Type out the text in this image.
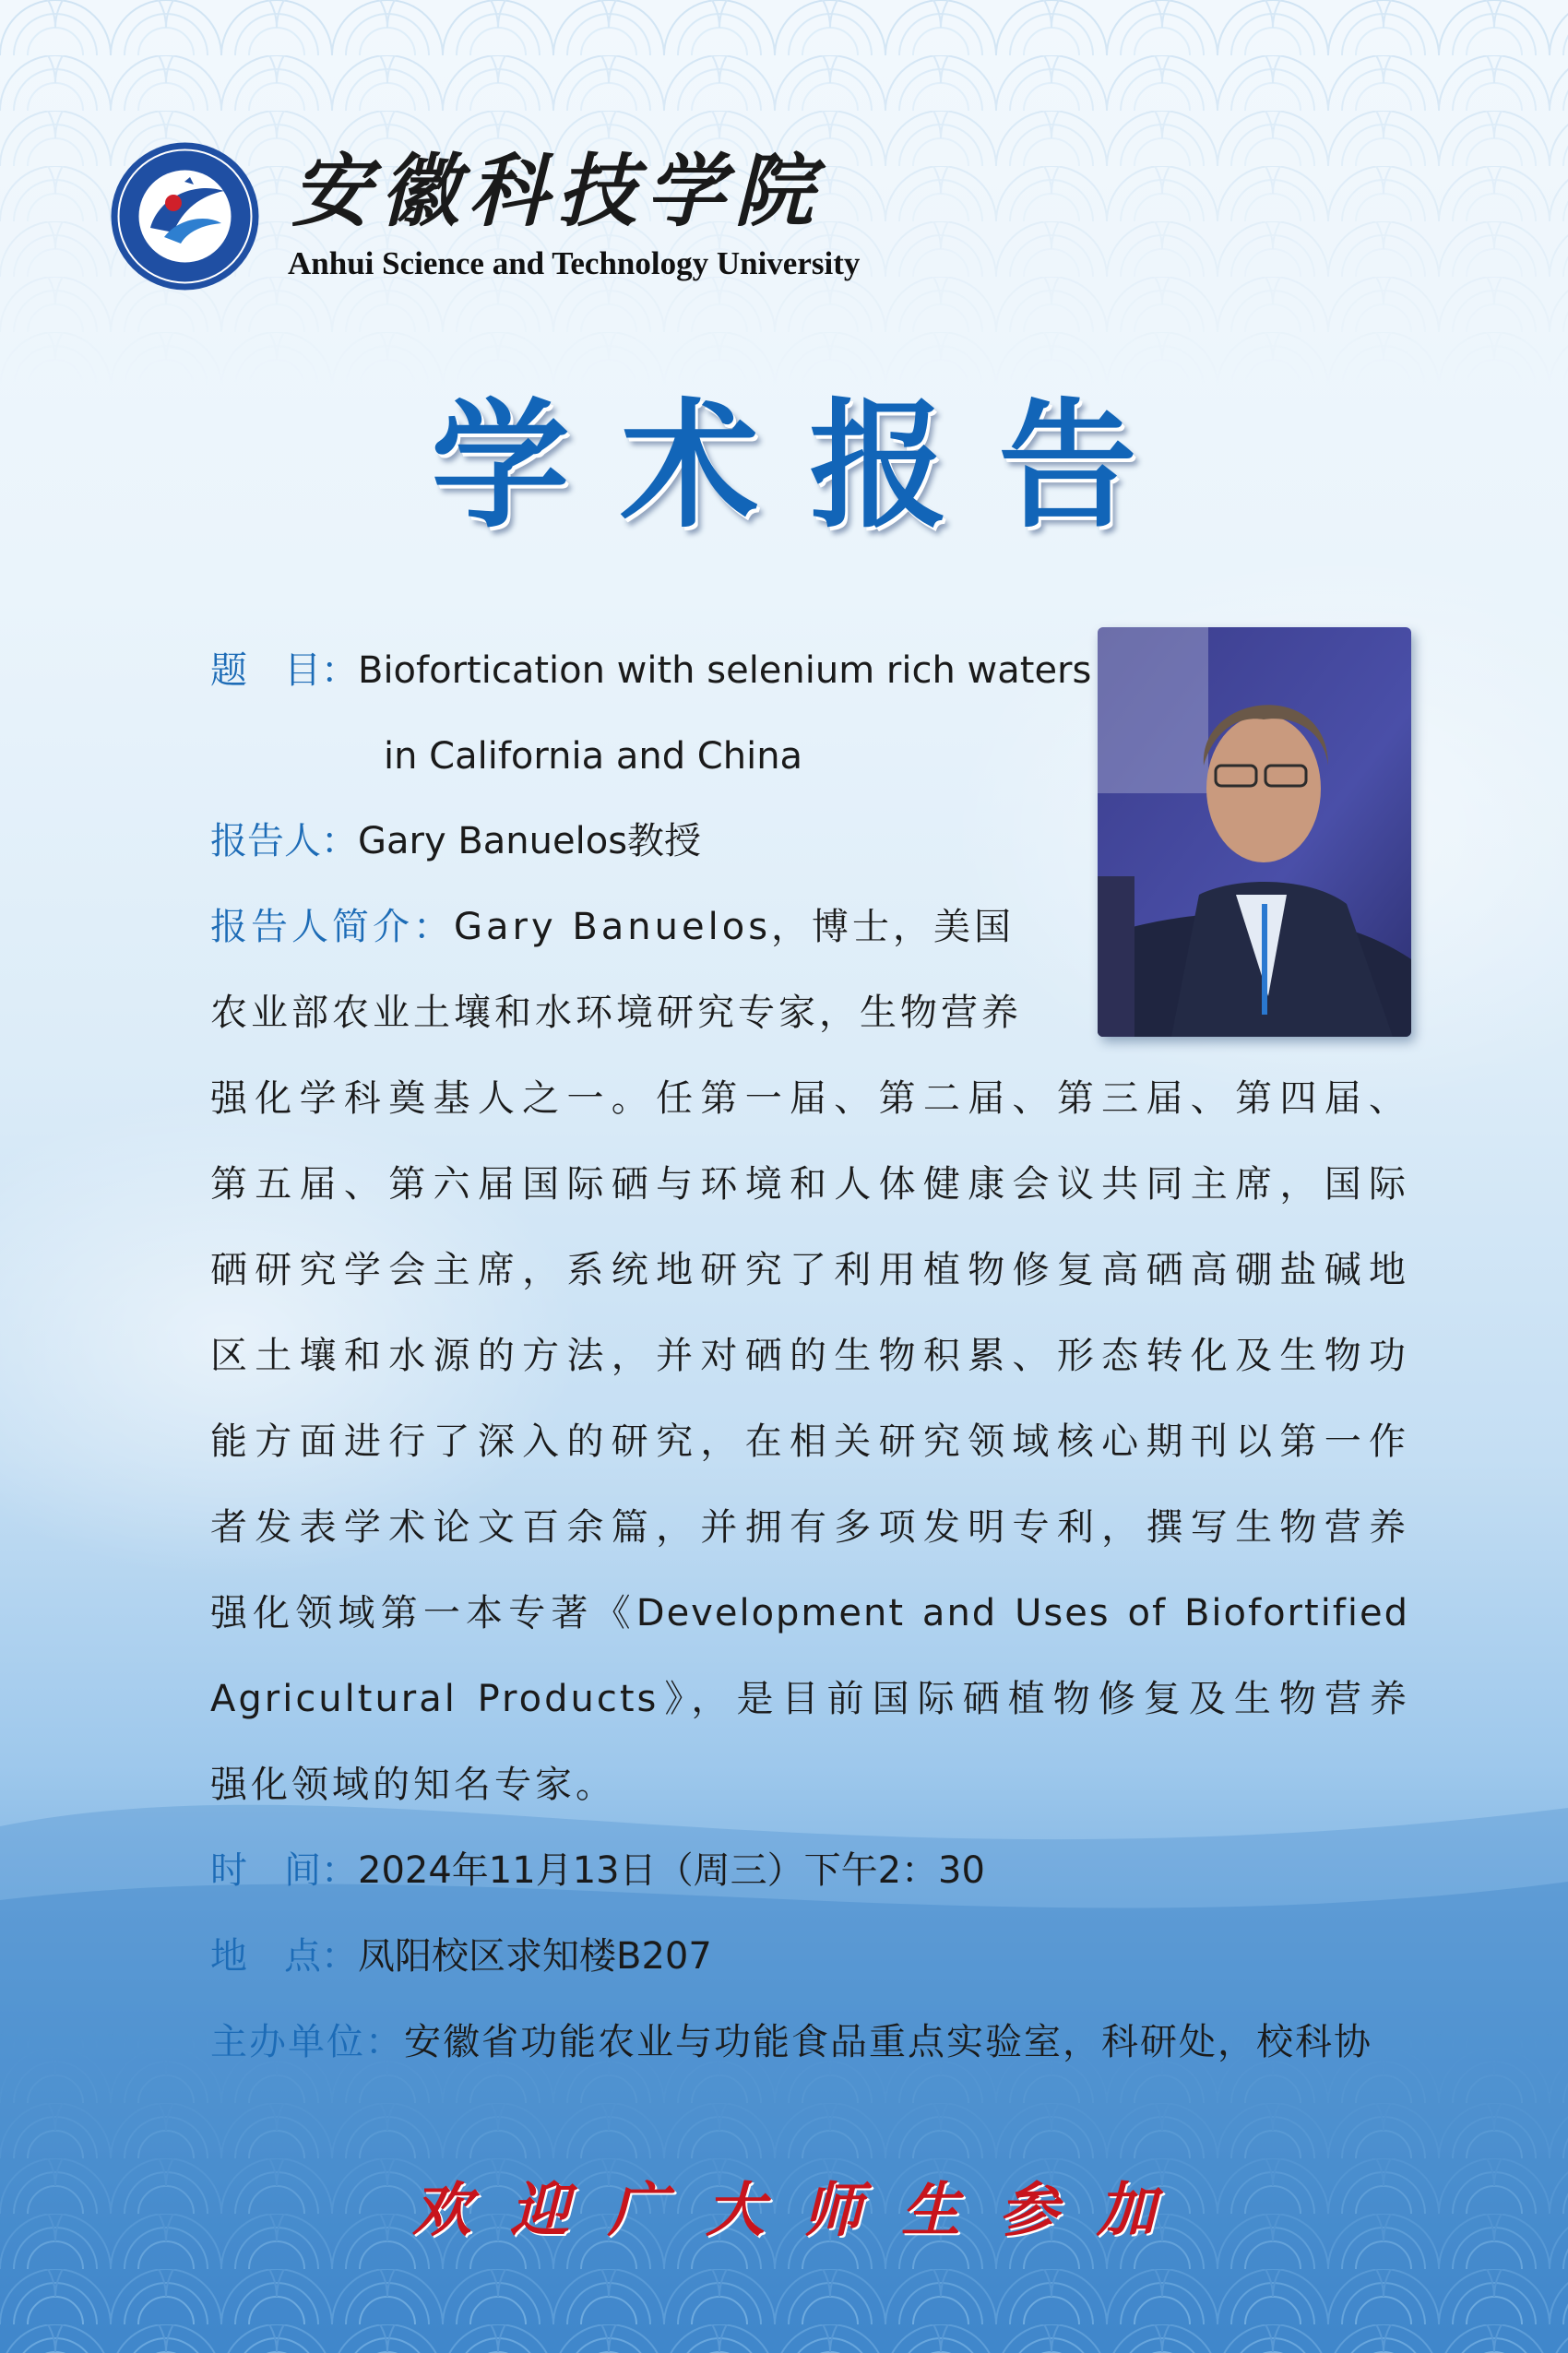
安徽科技学院
Anhui Science and Technology University
学术报告
题　目：Biofortication with selenium rich waters
in California and China
报告人：Gary Banuelos教授
报告人简介：Gary Banuelos，博士，美国
农业部农业土壤和水环境研究专家，生物营养
强化学科奠基人之一。任第一届、第二届、第三届、第四届、
第五届、第六届国际硒与环境和人体健康会议共同主席，国际
硒研究学会主席，系统地研究了利用植物修复高硒高硼盐碱地
区土壤和水源的方法，并对硒的生物积累、形态转化及生物功
能方面进行了深入的研究，在相关研究领域核心期刊以第一作
者发表学术论文百余篇，并拥有多项发明专利，撰写生物营养
强化领域第一本专著《Development and Uses of Biofortified
Agricultural Products》，是目前国际硒植物修复及生物营养
强化领域的知名专家。
时　间：2024年11月13日（周三）下午2：30
地　点：凤阳校区求知楼B207
主办单位：安徽省功能农业与功能食品重点实验室，科研处，校科协
欢迎广大师生参加
